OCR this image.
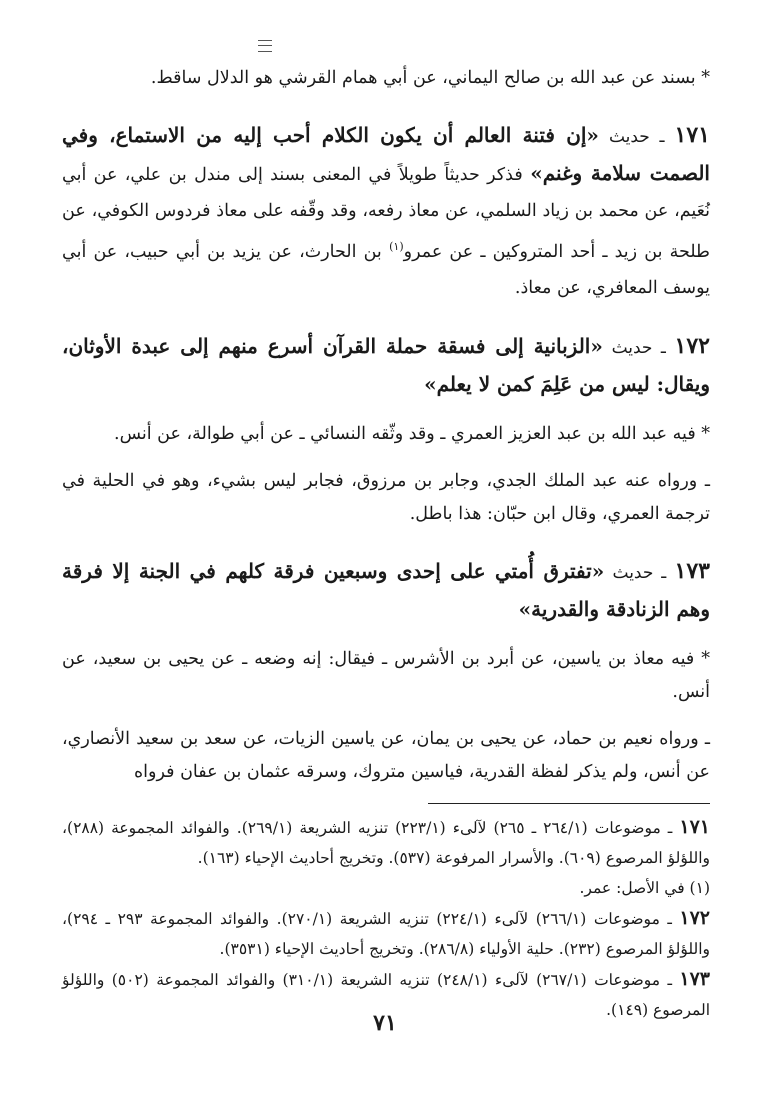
* بسند عن عبد الله بن صالح اليماني، عن أبي همام القرشي هو الدلال ساقط.

١٧١ ـ حديث «إن فتنة العالم أن يكون الكلام أحب إليه من الاستماع، وفي الصمت سلامة وغنم» فذكر حديثاً طويلاً في المعنى بسند إلى مندل بن علي، عن أبي نُعَيم، عن محمد بن زياد السلمي، عن معاذ رفعه، وقد وقّفه على معاذ فردوس الكوفي، عن طلحة بن زيد ـ أحد المتروكين ـ عن عمرو$^{(١)}$ بن الحارث، عن يزيد بن أبي حبيب، عن أبي يوسف المعافري، عن معاذ.

١٧٢ ـ حديث «الزبانية إلى فسقة حملة القرآن أسرع منهم إلى عبدة الأوثان، ويقال: ليس من عَلِمَ كمن لا يعلم»

* فيه عبد الله بن عبد العزيز العمري ـ وقد وثّقه النسائي ـ عن أبي طوالة، عن أنس.

ـ ورواه عنه عبد الملك الجدي، وجابر بن مرزوق، فجابر ليس بشيء، وهو في الحلية في ترجمة العمري، وقال ابن حبّان: هذا باطل.

١٧٣ ـ حديث «تفترق أُمتي على إحدى وسبعين فرقة كلهم في الجنة إلا فرقة وهم الزنادقة والقدرية»

* فيه معاذ بن ياسين، عن أبرد بن الأشرس ـ فيقال: إنه وضعه ـ عن يحيى بن سعيد، عن أنس.

ـ ورواه نعيم بن حماد، عن يحيى بن يمان، عن ياسين الزيات، عن سعد بن سعيد الأنصاري، عن أنس، ولم يذكر لفظة القدرية، فياسين متروك، وسرقه عثمان بن عفان فرواه

١٧١ ـ موضوعات (٢٦٤/١ ـ ٢٦٥) لآلىء (٢٢٣/١) تنزيه الشريعة (٢٦٩/١). والفوائد المجموعة (٢٨٨)، واللؤلؤ المرصوع (٦٠٩). والأسرار المرفوعة (٥٣٧). وتخريج أحاديث الإحياء (١٦٣).

(١) في الأصل: عمر.

١٧٢ ـ موضوعات (٢٦٦/١) لآلىء (٢٢٤/١) تنزيه الشريعة (٢٧٠/١). والفوائد المجموعة ٢٩٣ ـ ٢٩٤)، واللؤلؤ المرصوع (٢٣٢). حلية الأولياء (٢٨٦/٨). وتخريج أحاديث الإحياء (٣٥٣١).

١٧٣ ـ موضوعات (٢٦٧/١) لآلىء (٢٤٨/١) تنزيه الشريعة (٣١٠/١) والفوائد المجموعة (٥٠٢) واللؤلؤ المرصوع (١٤٩).

٧١
